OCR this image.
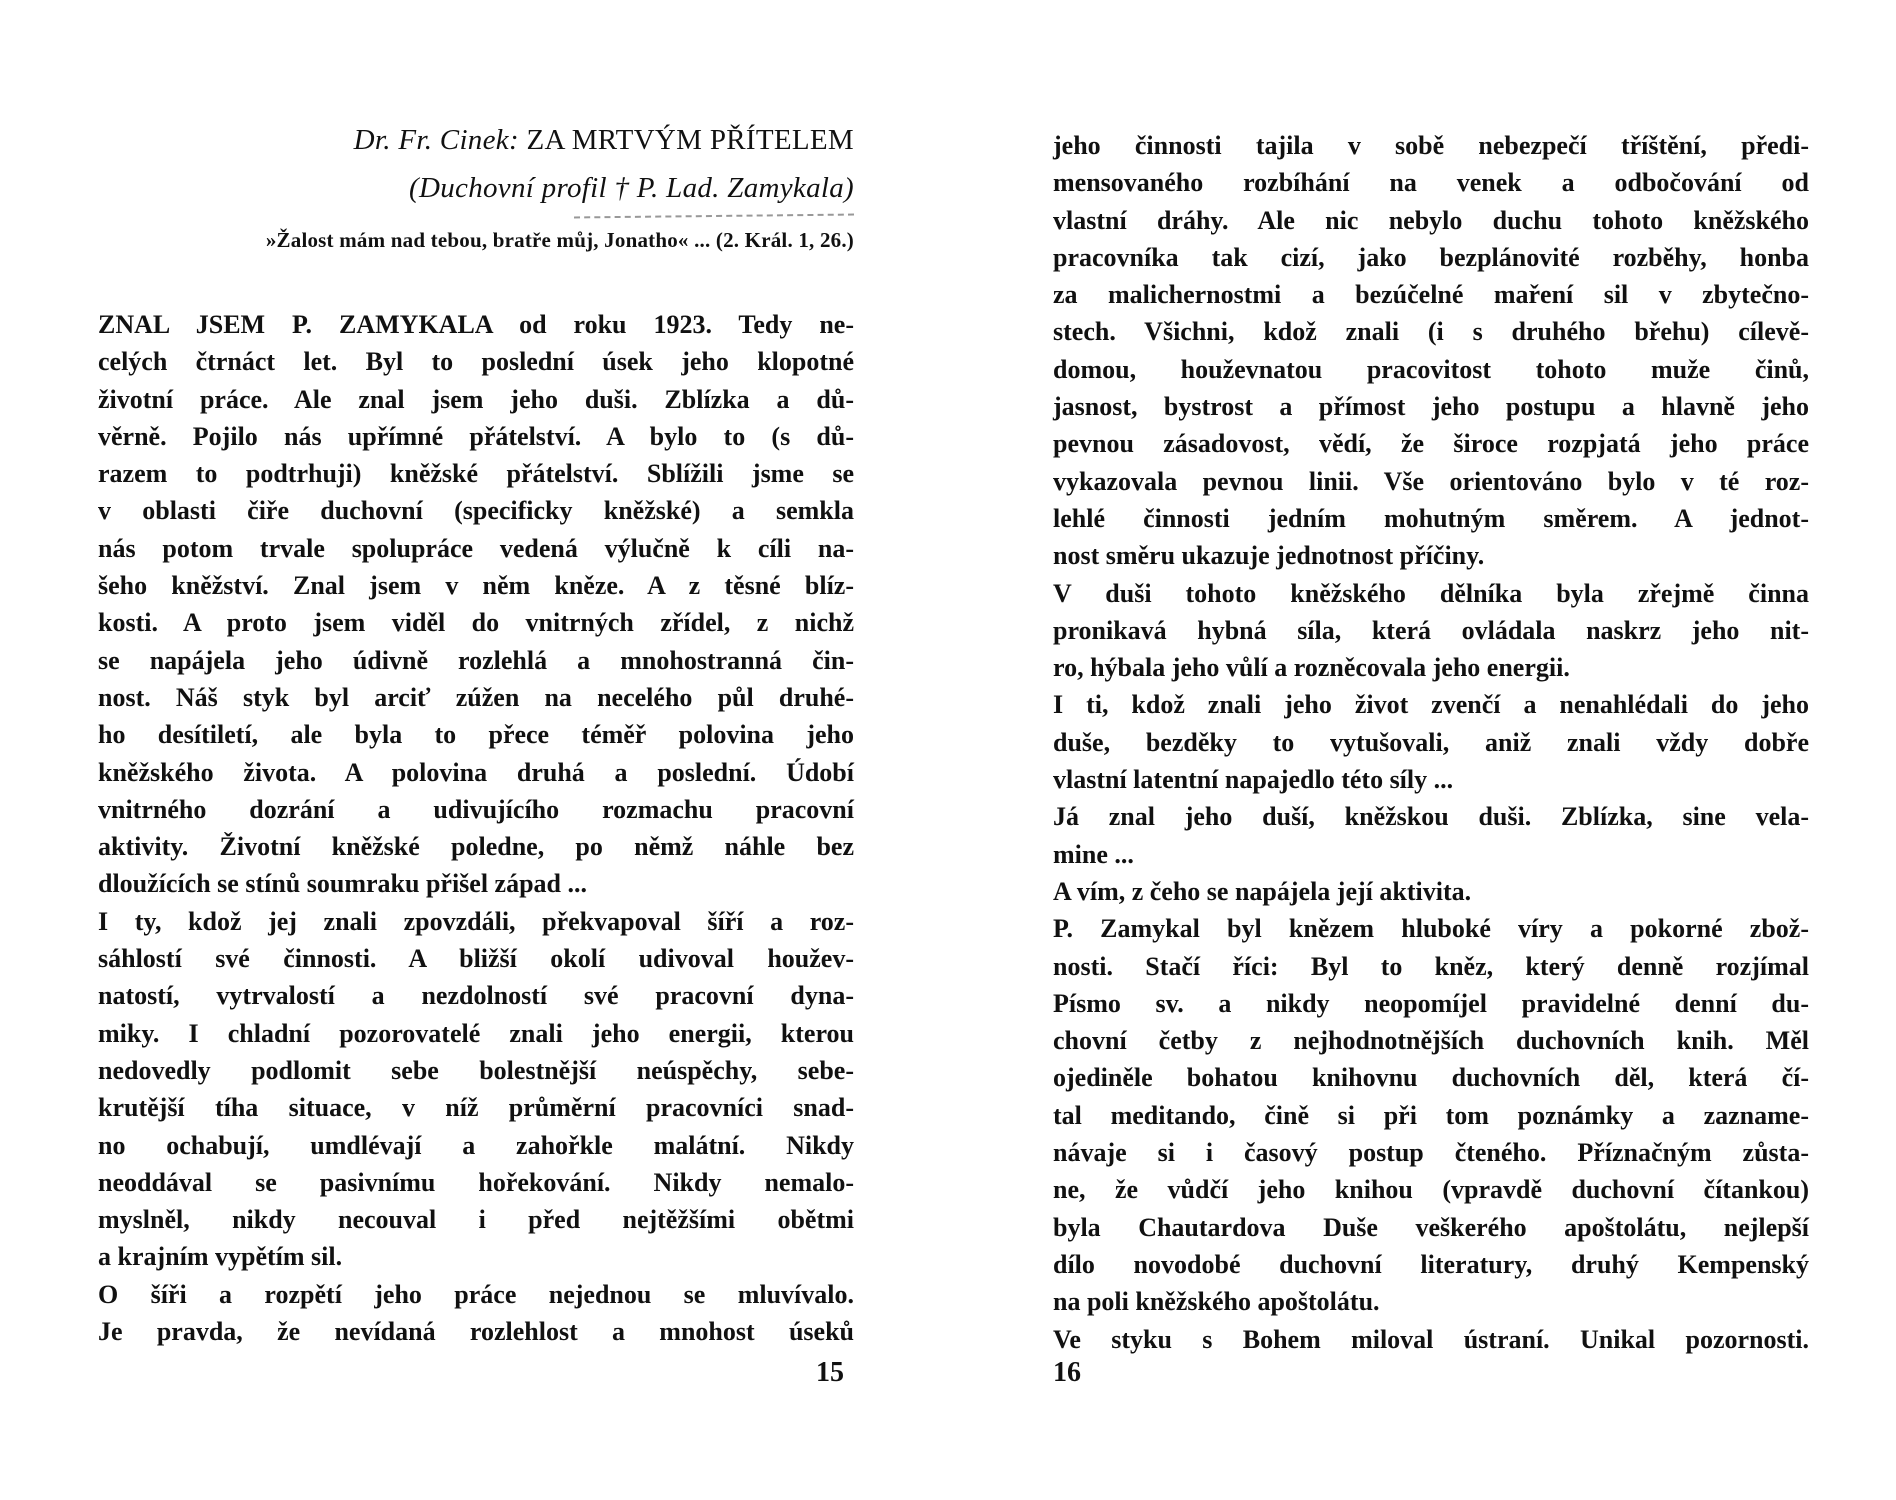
Dr. Fr. Cinek: ZA MRTVÝM PŘÍTELEM
(Duchovní profil † P. Lad. Zamykala)
»Žalost mám nad tebou, bratře můj, Jonatho« ... (2. Král. 1, 26.)
ZNAL JSEM P. ZAMYKALA od roku 1923. Tedy ne-
celých čtrnáct let. Byl to poslední úsek jeho klopotné
životní práce. Ale znal jsem jeho duši. Zblízka a dů-
věrně. Pojilo nás upřímné přátelství. A bylo to (s dů-
razem to podtrhuji) kněžské přátelství. Sblížili jsme se
v oblasti čiře duchovní (specificky kněžské) a semkla
nás potom trvale spolupráce vedená výlučně k cíli na-
šeho kněžství. Znal jsem v něm kněze. A z těsné blíz-
kosti. A proto jsem viděl do vnitrných zřídel, z nichž
se napájela jeho údivně rozlehlá a mnohostranná čin-
nost. Náš styk byl arciť zúžen na necelého půl druhé-
ho desítiletí, ale byla to přece téměř polovina jeho
kněžského života. A polovina druhá a poslední. Údobí
vnitrného dozrání a udivujícího rozmachu pracovní
aktivity. Životní kněžské poledne, po němž náhle bez
dloužících se stínů soumraku přišel západ ...
I ty, kdož jej znali zpovzdáli, překvapoval šíří a roz-
sáhlostí své činnosti. A bližší okolí udivoval houžev-
natostí, vytrvalostí a nezdolností své pracovní dyna-
miky. I chladní pozorovatelé znali jeho energii, kterou
nedovedly podlomit sebe bolestnější neúspěchy, sebe-
krutější tíha situace, v níž průměrní pracovníci snad-
no ochabují, umdlévají a zahořkle malátní. Nikdy
neoddával se pasivnímu hořekování. Nikdy nemalo-
myslněl, nikdy necouval i před nejtěžšími obětmi
a krajním vypětím sil.
O šíři a rozpětí jeho práce nejednou se mluvívalo.
Je pravda, že nevídaná rozlehlost a mnohost úseků
15
jeho činnosti tajila v sobě nebezpečí tříštění, předi-
mensovaného rozbíhání na venek a odbočování od
vlastní dráhy. Ale nic nebylo duchu tohoto kněžského
pracovníka tak cizí, jako bezplánovité rozběhy, honba
za malichernostmi a bezúčelné maření sil v zbytečno-
stech. Všichni, kdož znali (i s druhého břehu) cílevě-
domou, houževnatou pracovitost tohoto muže činů,
jasnost, bystrost a přímost jeho postupu a hlavně jeho
pevnou zásadovost, vědí, že široce rozpjatá jeho práce
vykazovala pevnou linii. Vše orientováno bylo v té roz-
lehlé činnosti jedním mohutným směrem. A jednot-
nost směru ukazuje jednotnost příčiny.
V duši tohoto kněžského dělníka byla zřejmě činna
pronikavá hybná síla, která ovládala naskrz jeho nit-
ro, hýbala jeho vůlí a rozněcovala jeho energii.
I ti, kdož znali jeho život zvenčí a nenahlédali do jeho
duše, bezděky to vytušovali, aniž znali vždy dobře
vlastní latentní napajedlo této síly ...
Já znal jeho duší, kněžskou duši. Zblízka, sine vela-
mine ...
A vím, z čeho se napájela její aktivita.
P. Zamykal byl knězem hluboké víry a pokorné zbož-
nosti. Stačí říci: Byl to kněz, který denně rozjímal
Písmo sv. a nikdy neopomíjel pravidelné denní du-
chovní četby z nejhodnotnějších duchovních knih. Měl
ojediněle bohatou knihovnu duchovních děl, která čí-
tal meditando, čině si při tom poznámky a zazname-
návaje si i časový postup čteného. Příznačným zůsta-
ne, že vůdčí jeho knihou (vpravdě duchovní čítankou)
byla Chautardova Duše veškerého apoštolátu, nejlepší
dílo novodobé duchovní literatury, druhý Kempenský
na poli kněžského apoštolátu.
Ve styku s Bohem miloval ústraní. Unikal pozornosti.
16
